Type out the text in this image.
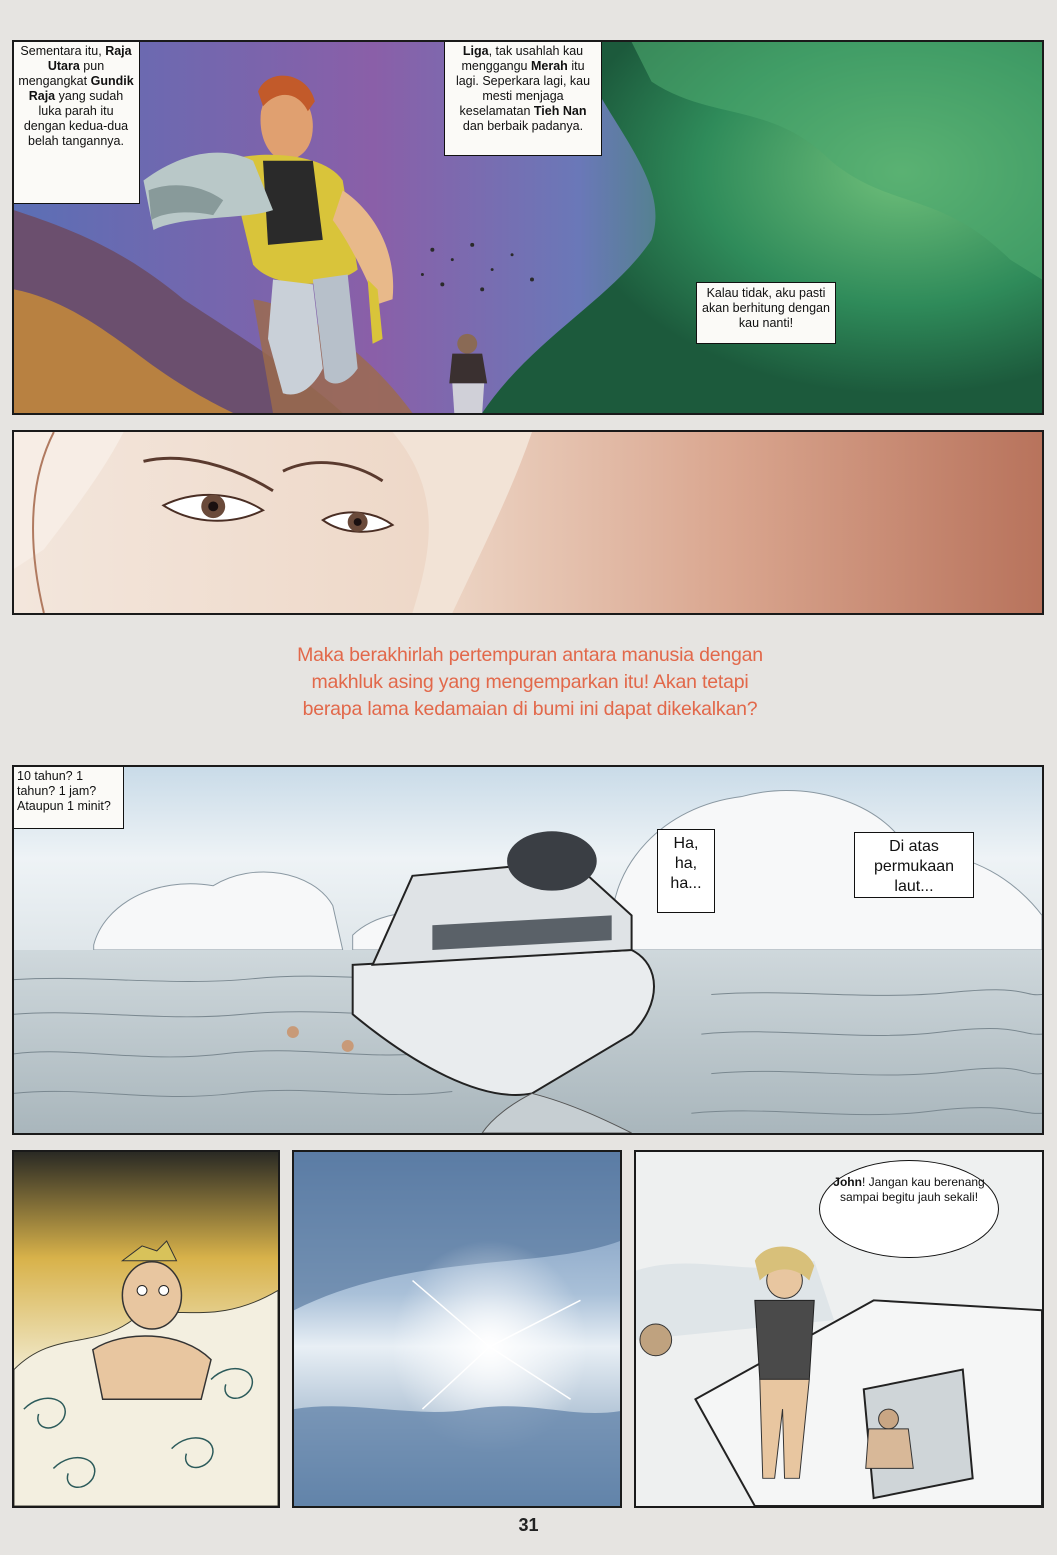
Sementara itu, Raja Utara pun mengangkat Gundik Raja yang sudah luka parah itu dengan kedua-dua belah tangannya.
Liga, tak usahlah kau menggangu Merah itu lagi. Seperkara lagi, kau mesti menjaga keselamatan Tieh Nan dan berbaik padanya.
Kalau tidak, aku pasti akan berhitung dengan kau nanti!
Maka berakhirlah pertempuran antara manusia dengan
makhluk asing yang mengemparkan itu! Akan tetapi
berapa lama kedamaian di bumi ini dapat dikekalkan?
10 tahun? 1 tahun? 1 jam? Ataupun 1 minit?
Ha, ha, ha...
Di atas permukaan laut...
John! Jangan kau berenang sampai begitu jauh sekali!
31
